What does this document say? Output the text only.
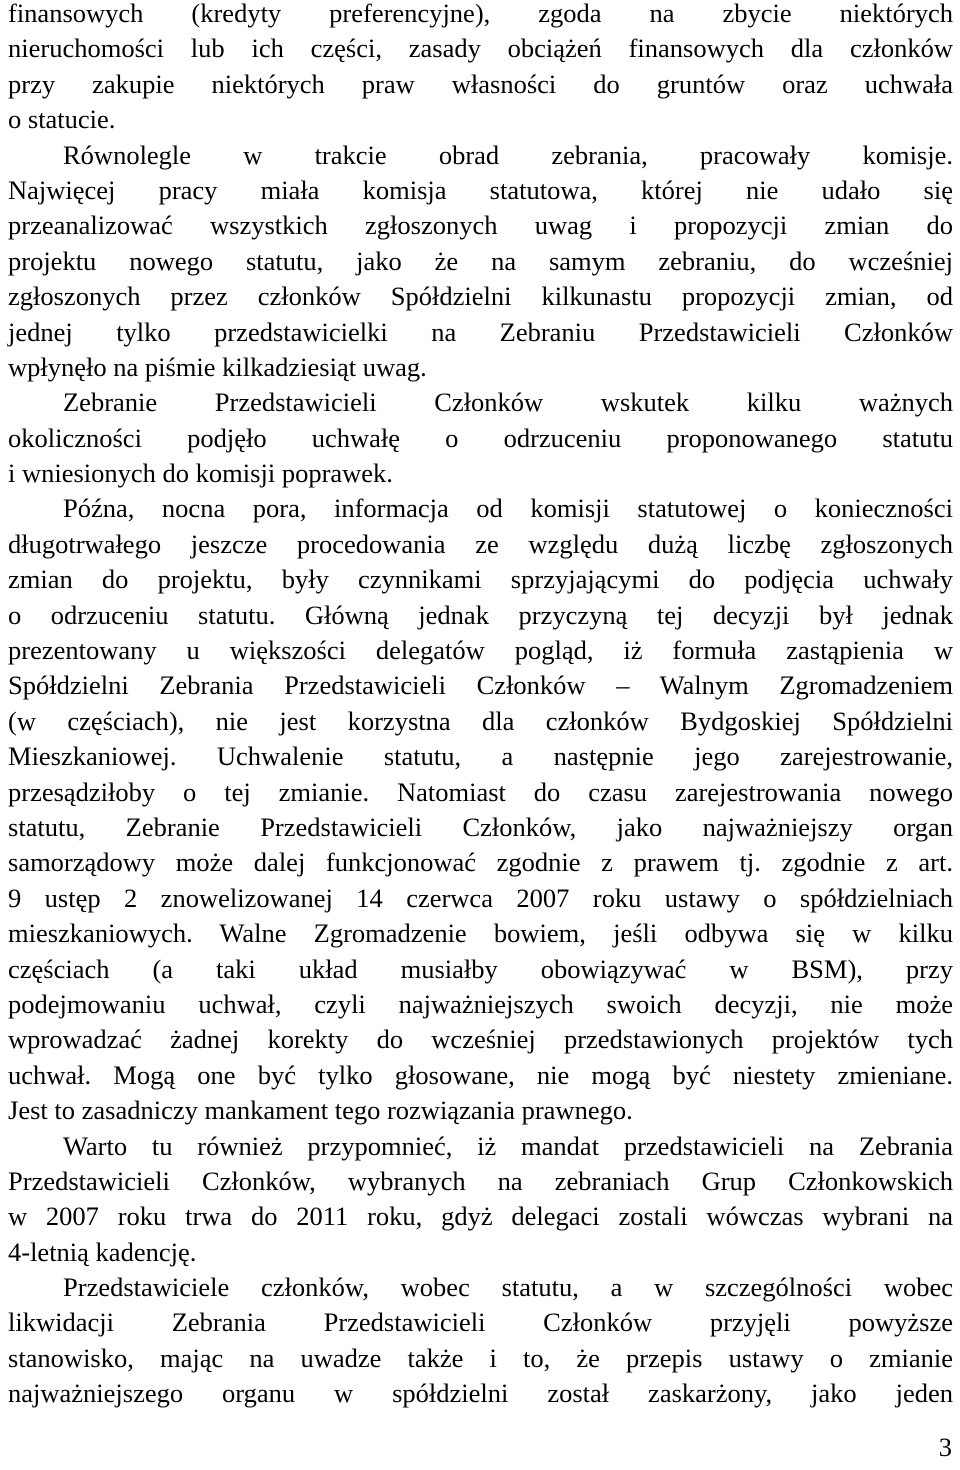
finansowych (kredyty preferencyjne), zgoda na zbycie niektórych
nieruchomości lub ich części, zasady obciążeń finansowych dla członków
przy zakupie niektórych praw własności do gruntów oraz uchwała
o statucie.
Równolegle w trakcie obrad zebrania, pracowały komisje.
Najwięcej pracy miała komisja statutowa, której nie udało się
przeanalizować wszystkich zgłoszonych uwag i propozycji zmian do
projektu nowego statutu, jako że na samym zebraniu, do wcześniej
zgłoszonych przez członków Spółdzielni kilkunastu propozycji zmian, od
jednej tylko przedstawicielki na Zebraniu Przedstawicieli Członków
wpłynęło na piśmie kilkadziesiąt uwag.
Zebranie Przedstawicieli Członków wskutek kilku ważnych
okoliczności podjęło uchwałę o odrzuceniu proponowanego statutu
i wniesionych do komisji poprawek.
Późna, nocna pora, informacja od komisji statutowej o konieczności
długotrwałego jeszcze procedowania ze względu dużą liczbę zgłoszonych
zmian do projektu, były czynnikami sprzyjającymi do podjęcia uchwały
o odrzuceniu statutu. Główną jednak przyczyną tej decyzji był jednak
prezentowany u większości delegatów pogląd, iż formuła zastąpienia w
Spółdzielni Zebrania Przedstawicieli Członków – Walnym Zgromadzeniem
(w częściach), nie jest korzystna dla członków Bydgoskiej Spółdzielni
Mieszkaniowej. Uchwalenie statutu, a następnie jego zarejestrowanie,
przesądziłoby o tej zmianie. Natomiast do czasu zarejestrowania nowego
statutu, Zebranie Przedstawicieli Członków, jako najważniejszy organ
samorządowy może dalej funkcjonować zgodnie z prawem tj. zgodnie z art.
9 ustęp 2 znowelizowanej 14 czerwca 2007 roku ustawy o spółdzielniach
mieszkaniowych. Walne Zgromadzenie bowiem, jeśli odbywa się w kilku
częściach (a taki układ musiałby obowiązywać w BSM), przy
podejmowaniu uchwał, czyli najważniejszych swoich decyzji, nie może
wprowadzać żadnej korekty do wcześniej przedstawionych projektów tych
uchwał. Mogą one być tylko głosowane, nie mogą być niestety zmieniane.
Jest to zasadniczy mankament tego rozwiązania prawnego.
Warto tu również przypomnieć, iż mandat przedstawicieli na Zebrania
Przedstawicieli Członków, wybranych na zebraniach Grup Członkowskich
w 2007 roku trwa do 2011 roku, gdyż delegaci zostali wówczas wybrani na
4-letnią kadencję.
Przedstawiciele członków, wobec statutu, a w szczególności wobec
likwidacji Zebrania Przedstawicieli Członków przyjęli powyższe
stanowisko, mając na uwadze także i to, że przepis ustawy o zmianie
najważniejszego organu w spółdzielni został zaskarżony, jako jeden
3
